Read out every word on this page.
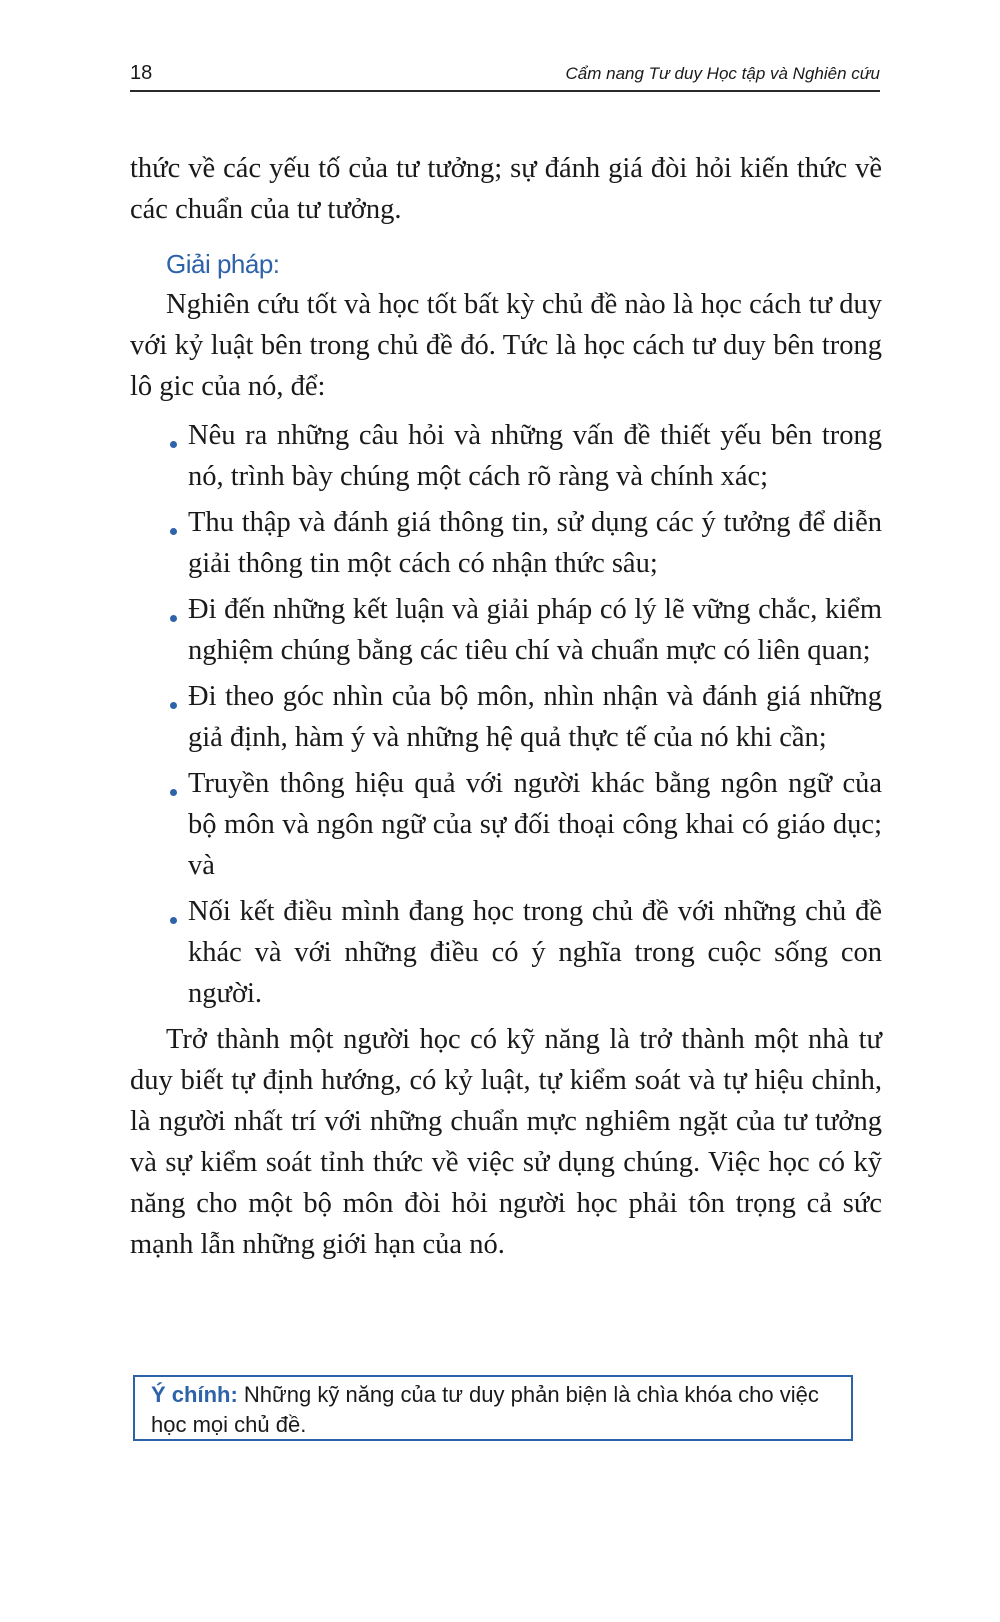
18	Cẩm nang Tư duy Học tập và Nghiên cứu

thức về các yếu tố của tư tưởng; sự đánh giá đòi hỏi kiến thức về các chuẩn của tư tưởng.

Giải pháp:

Nghiên cứu tốt và học tốt bất kỳ chủ đề nào là học cách tư duy với kỷ luật bên trong chủ đề đó. Tức là học cách tư duy bên trong lô gic của nó, để:

Nêu ra những câu hỏi và những vấn đề thiết yếu bên trong nó, trình bày chúng một cách rõ ràng và chính xác;
Thu thập và đánh giá thông tin, sử dụng các ý tưởng để diễn giải thông tin một cách có nhận thức sâu;
Đi đến những kết luận và giải pháp có lý lẽ vững chắc, kiểm nghiệm chúng bằng các tiêu chí và chuẩn mực có liên quan;
Đi theo góc nhìn của bộ môn, nhìn nhận và đánh giá những giả định, hàm ý và những hệ quả thực tế của nó khi cần;
Truyền thông hiệu quả với người khác bằng ngôn ngữ của bộ môn và ngôn ngữ của sự đối thoại công khai có giáo dục; và
Nối kết điều mình đang học trong chủ đề với những chủ đề khác và với những điều có ý nghĩa trong cuộc sống con người.

Trở thành một người học có kỹ năng là trở thành một nhà tư duy biết tự định hướng, có kỷ luật, tự kiểm soát và tự hiệu chỉnh, là người nhất trí với những chuẩn mực nghiêm ngặt của tư tưởng và sự kiểm soát tỉnh thức về việc sử dụng chúng. Việc học có kỹ năng cho một bộ môn đòi hỏi người học phải tôn trọng cả sức mạnh lẫn những giới hạn của nó.

Ý chính: Những kỹ năng của tư duy phản biện là chìa khóa cho việc học mọi chủ đề.
